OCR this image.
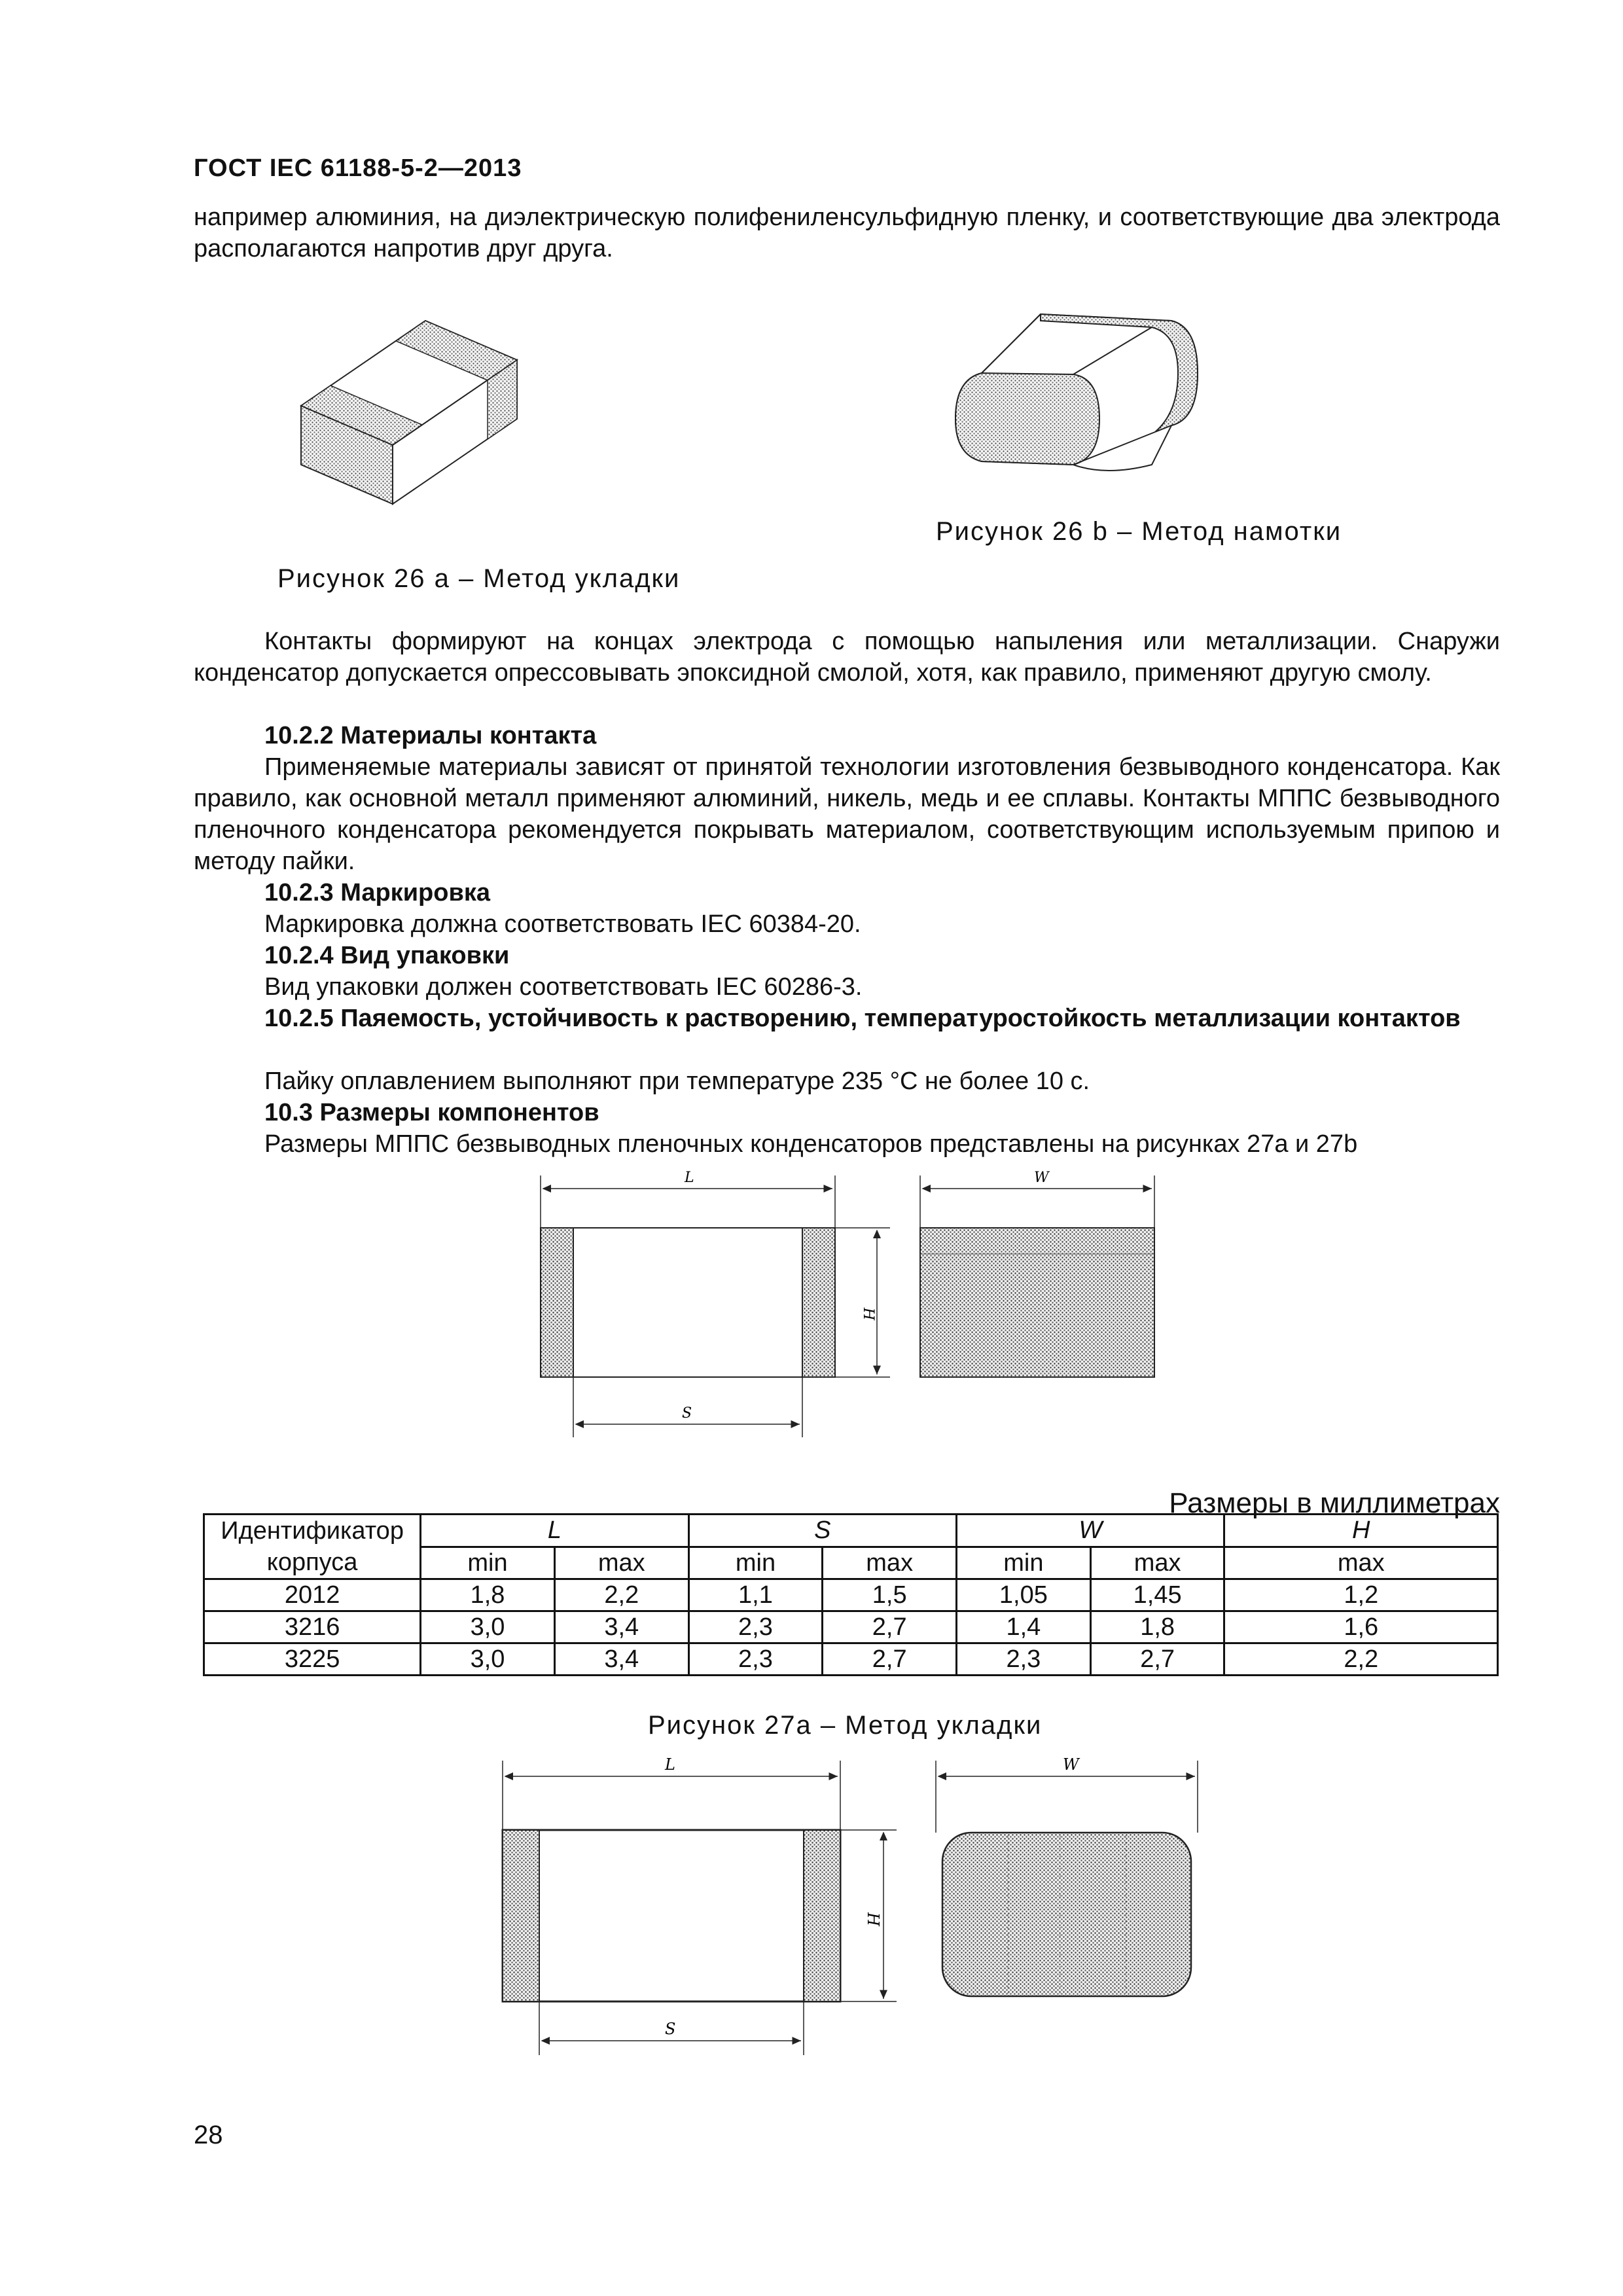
ГОСТ IEC 61188-5-2—2013
например алюминия, на диэлектрическую полифениленсульфидную пленку, и соответствующие два электрода располагаются напротив друг друга.
Рисунок 26 b – Метод намотки
Рисунок 26 a – Метод укладки
Контакты формируют на концах электрода с помощью напыления или металлизации. Снаружи конденсатор допускается опрессовывать эпоксидной смолой, хотя, как правило, применяют другую смолу.
10.2.2 Материалы контакта
Применяемые материалы зависят от принятой технологии изготовления безвыводного конденсатора. Как правило, как основной металл применяют алюминий, никель, медь и ее сплавы. Контакты МППС безвыводного пленочного конденсатора рекомендуется покрывать материалом, соответствующим используемым припою и методу пайки.
10.2.3 Маркировка
Маркировка должна соответствовать IEC 60384-20.
10.2.4 Вид упаковки
Вид упаковки должен соответствовать IEC 60286-3.
10.2.5 Паяемость, устойчивость к растворению, температуростойкость металлизации контактов
Пайку оплавлением выполняют при температуре 235 °С не более 10 с.
10.3 Размеры компонентов
Размеры МППС безвыводных пленочных конденсаторов представлены на рисунках 27a и 27b
L
H
S
W
Размеры в миллиметрах
Идентификатор корпуса	L		S		W		H
	min	max	min	max	min	max	max
2012	1,8	2,2	1,1	1,5	1,05	1,45	1,2
3216	3,0	3,4	2,3	2,7	1,4	1,8	1,6
3225	3,0	3,4	2,3	2,7	2,3	2,7	2,2
Рисунок 27a – Метод укладки
L
H
S
W
28
